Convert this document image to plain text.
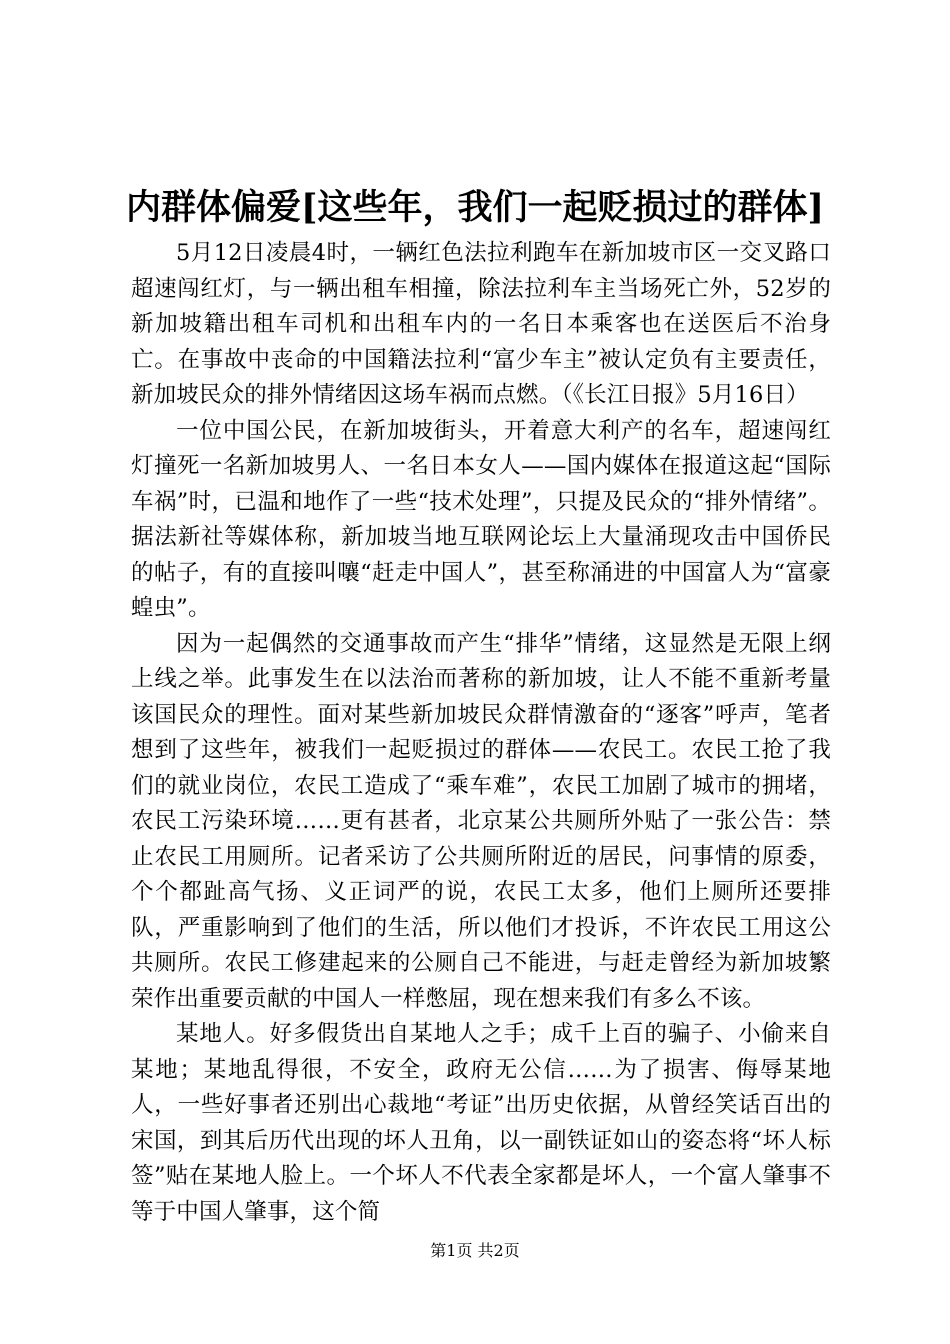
内群体偏爱[这些年，我们一起贬损过的群体]

5月12日凌晨4时，一辆红色法拉利跑车在新加坡市区一交叉路口超速闯红灯，与一辆出租车相撞，除法拉利车主当场死亡外，52岁的新加坡籍出租车司机和出租车内的一名日本乘客也在送医后不治身亡。在事故中丧命的中国籍法拉利“富少车主”被认定负有主要责任，新加坡民众的排外情绪因这场车祸而点燃。（《长江日报》5月16日）

一位中国公民，在新加坡街头，开着意大利产的名车，超速闯红灯撞死一名新加坡男人、一名日本女人——国内媒体在报道这起“国际车祸”时，已温和地作了一些“技术处理”，只提及民众的“排外情绪”。据法新社等媒体称，新加坡当地互联网论坛上大量涌现攻击中国侨民的帖子，有的直接叫嚷“赶走中国人”，甚至称涌进的中国富人为“富豪蝗虫”。

因为一起偶然的交通事故而产生“排华”情绪，这显然是无限上纲上线之举。此事发生在以法治而著称的新加坡，让人不能不重新考量该国民众的理性。面对某些新加坡民众群情激奋的“逐客”呼声，笔者想到了这些年，被我们一起贬损过的群体——农民工。农民工抢了我们的就业岗位，农民工造成了“乘车难”，农民工加剧了城市的拥堵，农民工污染环境……更有甚者，北京某公共厕所外贴了一张公告：禁止农民工用厕所。记者采访了公共厕所附近的居民，问事情的原委，个个都趾高气扬、义正词严的说，农民工太多，他们上厕所还要排队，严重影响到了他们的生活，所以他们才投诉，不许农民工用这公共厕所。农民工修建起来的公厕自己不能进，与赶走曾经为新加坡繁荣作出重要贡献的中国人一样憋屈，现在想来我们有多么不该。

某地人。好多假货出自某地人之手；成千上百的骗子、小偷来自某地；某地乱得很，不安全，政府无公信……为了损害、侮辱某地人，一些好事者还别出心裁地“考证”出历史依据，从曾经笑话百出的宋国，到其后历代出现的坏人丑角，以一副铁证如山的姿态将“坏人标签”贴在某地人脸上。一个坏人不代表全家都是坏人，一个富人肇事不等于中国人肇事，这个简

第1页 共2页
